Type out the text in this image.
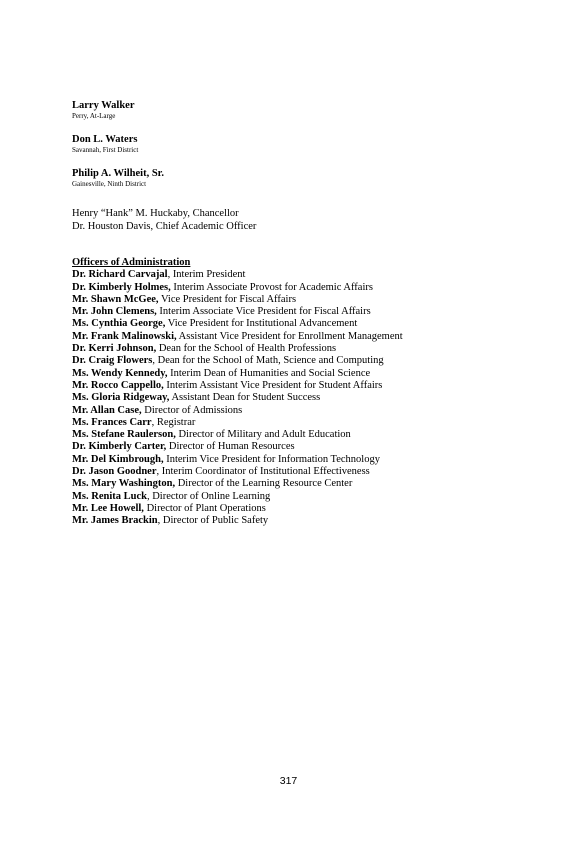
Larry Walker
Perry, At-Large
Don L. Waters
Savannah, First District
Philip A. Wilheit, Sr.
Gainesville, Ninth District
Henry “Hank” M. Huckaby, Chancellor
Dr. Houston Davis, Chief Academic Officer
Officers of Administration
Dr. Richard Carvajal, Interim President
Dr. Kimberly Holmes, Interim Associate Provost for Academic Affairs
Mr. Shawn McGee, Vice President for Fiscal Affairs
Mr. John Clemens, Interim Associate Vice President for Fiscal Affairs
Ms. Cynthia George, Vice President for Institutional Advancement
Mr. Frank Malinowski, Assistant Vice President for Enrollment Management
Dr. Kerri Johnson, Dean for the School of Health Professions
Dr. Craig Flowers, Dean for the School of Math, Science and Computing
Ms. Wendy Kennedy, Interim Dean of Humanities and Social Science
Mr. Rocco Cappello, Interim Assistant Vice President for Student Affairs
Ms. Gloria Ridgeway, Assistant Dean for Student Success
Mr. Allan Case, Director of Admissions
Ms. Frances Carr, Registrar
Ms. Stefane Raulerson, Director of Military and Adult Education
Dr. Kimberly Carter, Director of Human Resources
Mr. Del Kimbrough, Interim Vice President for Information Technology
Dr. Jason Goodner, Interim Coordinator of Institutional Effectiveness
Ms. Mary Washington, Director of the Learning Resource Center
Ms. Renita Luck, Director of Online Learning
Mr. Lee Howell, Director of Plant Operations
Mr. James Brackin, Director of Public Safety
317
